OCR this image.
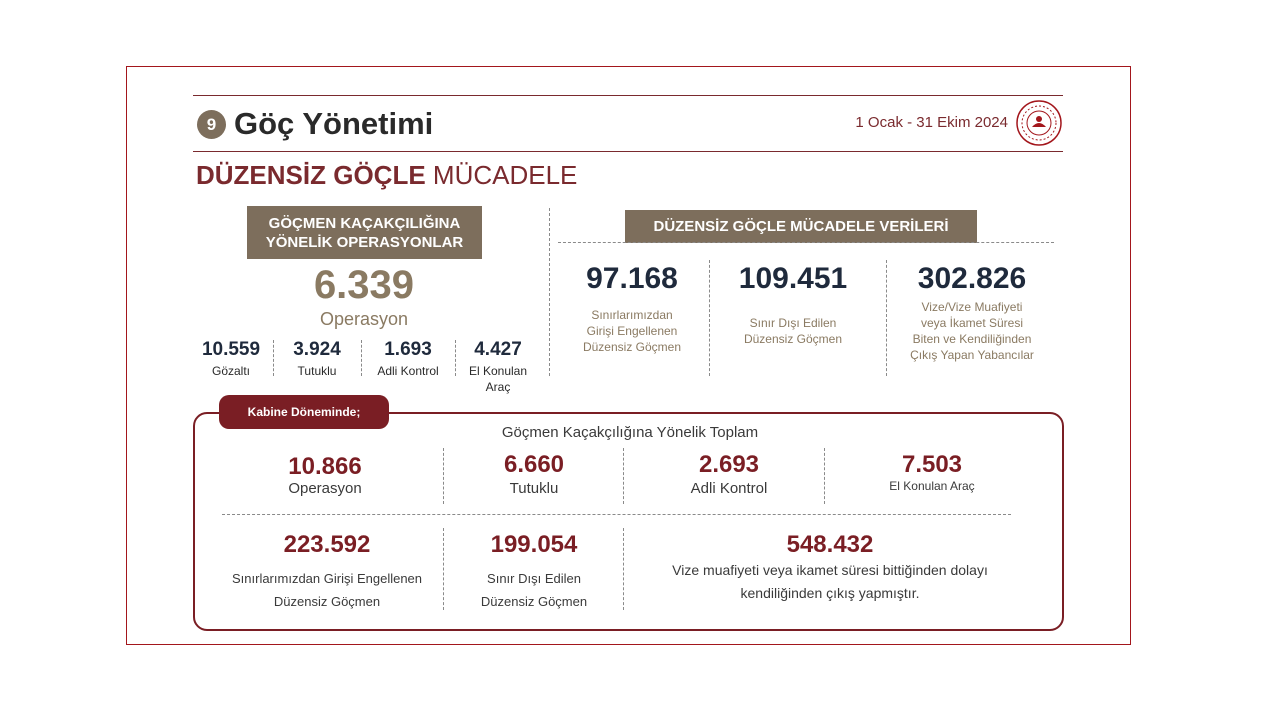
9 Göç Yönetimi	1 Ocak - 31 Ekim 2024
DÜZENSİZ GÖÇLE MÜCADELE
GÖÇMEN KAÇAKÇILIĞINA
YÖNELİK OPERASYONLAR
6.339
Operasyon
10.559
Gözaltı
3.924
Tutuklu
1.693
Adli Kontrol
4.427
El Konulan Araç
DÜZENSİZ GÖÇLE MÜCADELE VERİLERİ
97.168
Sınırlarımızdan
Girişi Engellenen
Düzensiz Göçmen
109.451
Sınır Dışı Edilen
Düzensiz Göçmen
302.826
Vize/Vize Muafiyeti
veya İkamet Süresi
Biten ve Kendiliğinden
Çıkış Yapan Yabancılar
Kabine Döneminde;
Göçmen Kaçakçılığına Yönelik Toplam
10.866
Operasyon
6.660
Tutuklu
2.693
Adli Kontrol
7.503
El Konulan Araç
223.592
Sınırlarımızdan Girişi Engellenen
Düzensiz Göçmen
199.054
Sınır Dışı Edilen
Düzensiz Göçmen
548.432
Vize muafiyeti veya ikamet süresi bittiğinden dolayı
kendiliğinden çıkış yapmıştır.
